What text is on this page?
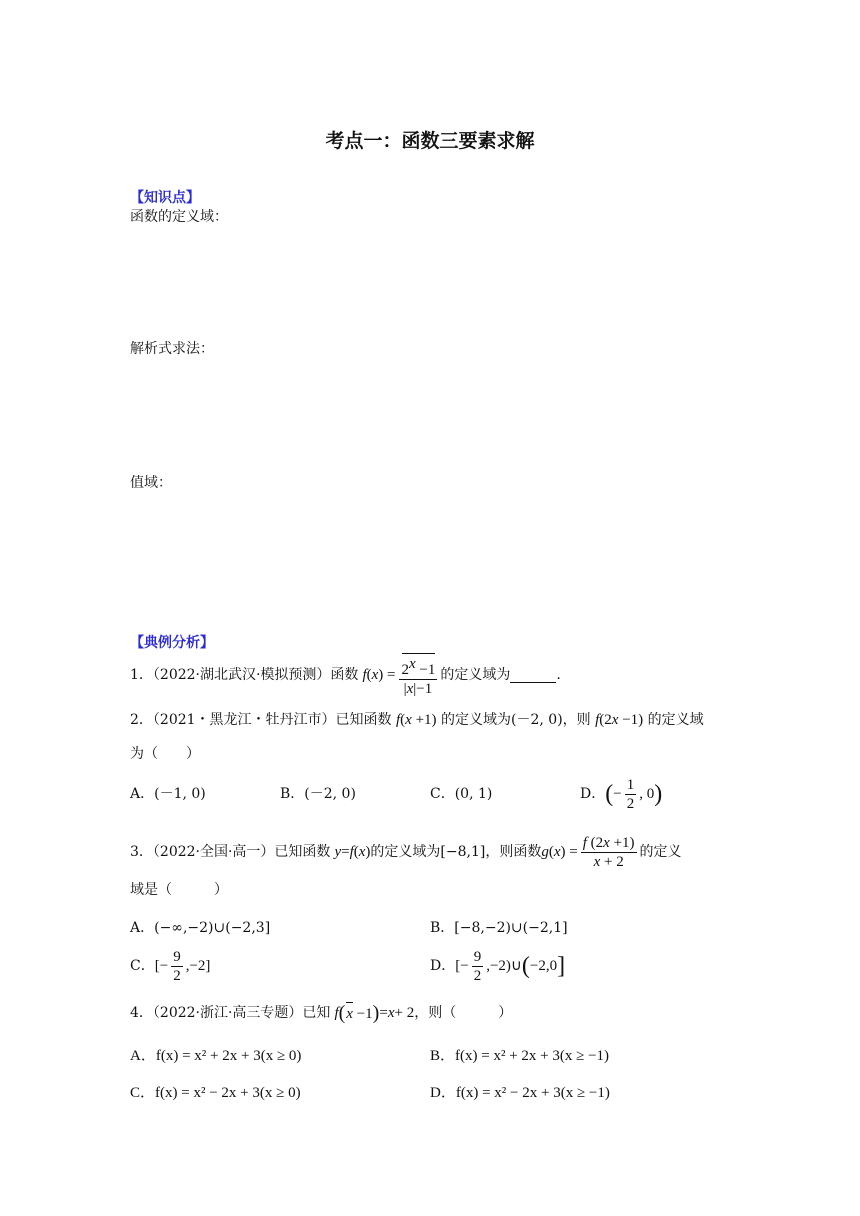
考点一：函数三要素求解
【知识点】
函数的定义域：
解析式求法：
值域：
【典例分析】
1．（2022·湖北武汉·模拟预测）函数 f ( x ) = $\frac{2^x -1}{|x|-1}$ 的定义域为	.
2．（2021・黑龙江・牡丹江市）已知函数 f(x +1) 的定义域为(－2, 0)，则 f(2x −1) 的定义域
为（　　）
A．(－1, 0)	B．(－2, 0)	C．(0, 1)	D． ( − $\frac{1}{2}$ , 0 )
3．（2022·全国·高一）已知函数 y = f ( x ) 的定义域为[−8,1]，则函数 g ( x ) = $\frac{f (2x +1)}{x + 2}$ 的定义
域是（　　　）
A．(−∞,−2)∪(−2,3]	B．[−8,−2)∪(−2,1]
C． [− $\frac{9}{2} ,-2$]	D． [− $\frac{9}{2}$ ,−2)∪ ( −2,0 ]
4．（2022·浙江·高三专题）已知 f ( x −1 ) = x + 2 ，则（　　　）
A．f(x) = x² + 2x + 3(x ≥ 0)	B．f(x) = x² + 2x + 3(x ≥ −1)
C．f(x) = x² − 2x + 3(x ≥ 0)	D．f(x) = x² − 2x + 3(x ≥ −1)
